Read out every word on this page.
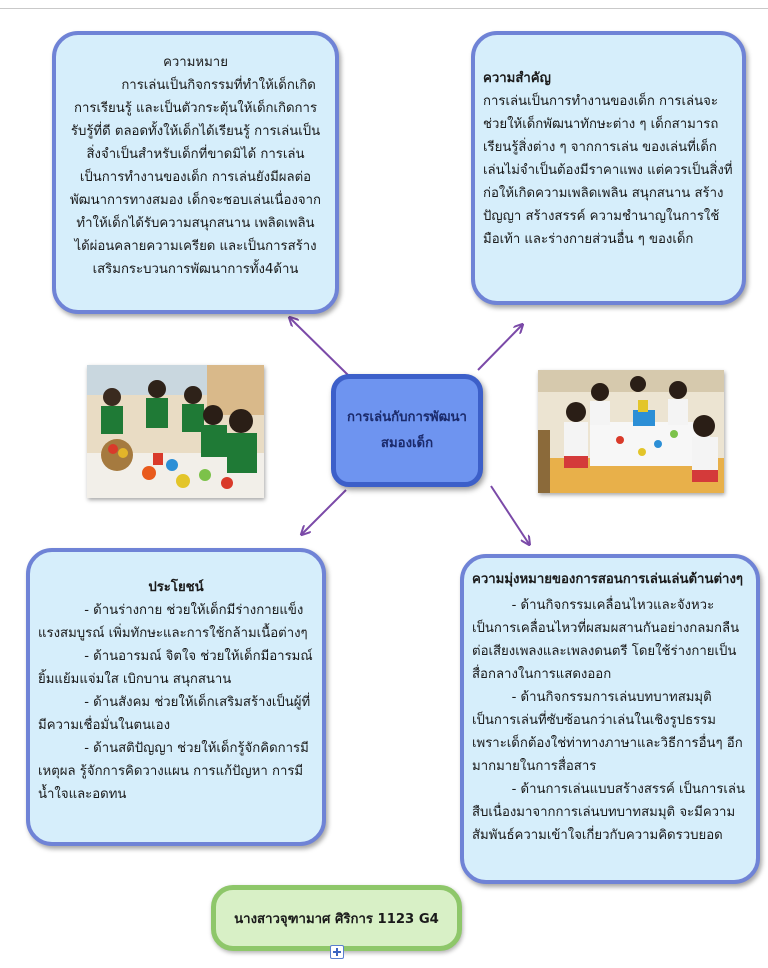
ความหมาย

การเล่นเป็นกิจกรรมที่ทำให้เด็กเกิดการเรียนรู้ และเป็นตัวกระตุ้นให้เด็กเกิดการรับรู้ที่ดี ตลอดทั้งให้เด็กได้เรียนรู้ การเล่นเป็นสิ่งจำเป็นสำหรับเด็กที่ขาดมิได้ การเล่นเป็นการทำงานของเด็ก การเล่นยังมีผลต่อพัฒนาการทางสมอง เด็กจะชอบเล่นเนื่องจาก ทำให้เด็กได้รับความสนุกสนาน เพลิดเพลิน ได้ผ่อนคลายความเครียด และเป็นการสร้างเสริมกระบวนการพัฒนาการทั้ง4ด้าน

ความสำคัญ

การเล่นเป็นการทำงานของเด็ก การเล่นจะช่วยให้เด็กพัฒนาทักษะต่าง ๆ เด็กสามารถเรียนรู้สิ่งต่าง ๆ จากการเล่น ของเล่นที่เด็กเล่นไม่จำเป็นต้องมีราคาแพง แต่ควรเป็นสิ่งที่ก่อให้เกิดความเพลิดเพลิน สนุกสนาน สร้างปัญญา สร้างสรรค์ ความชำนาญในการใช้มือเท้า และร่างกายส่วนอื่น ๆ ของเด็ก

ประโยชน์

- ด้านร่างกาย ช่วยให้เด็กมีร่างกายแข็งแรงสมบูรณ์ เพิ่มทักษะและการใช้กล้ามเนื้อต่างๆ

- ด้านอารมณ์ จิตใจ ช่วยให้เด็กมีอารมณ์ยิ้มแย้มแจ่มใส เบิกบาน สนุกสนาน

- ด้านสังคม ช่วยให้เด็กเสริมสร้างเป็นผู้ที่มีความเชื่อมั่นในตนเอง

- ด้านสติปัญญา ช่วยให้เด็กรู้จักคิดการมีเหตุผล รู้จักการคิดวางแผน การแก้ปัญหา การมีน้ำใจและอดทน

ความมุ่งหมายของการสอนการเล่นเล่นต้านต่างๆ

- ด้านกิจกรรมเคลื่อนไหวและจังหวะ เป็นการเคลื่อนไหวที่ผสมผสานกันอย่างกลมกลืนต่อเสียงเพลงและเพลงดนตรี โดยใช้ร่างกายเป็นสื่อกลางในการแสดงออก

- ด้านกิจกรรมการเล่นบทบาทสมมุติ เป็นการเล่นที่ซับซ้อนกว่าเล่นในเชิงรูปธรรม เพราะเด็กต้องใช่ท่าทางภาษาและวิธีการอื่นๆ อีกมากมายในการสื่อสาร

- ด้านการเล่นแบบสร้างสรรค์ เป็นการเล่นสืบเนื่องมาจากการเล่นบทบาทสมมุติ จะมีความสัมพันธ์ความเข้าใจเกี่ยวกับความคิดรวบยอด

การเล่นกับการพัฒนาสมองเด็ก
นางสาวจุฑามาศ ศิริการ 1123 G4
